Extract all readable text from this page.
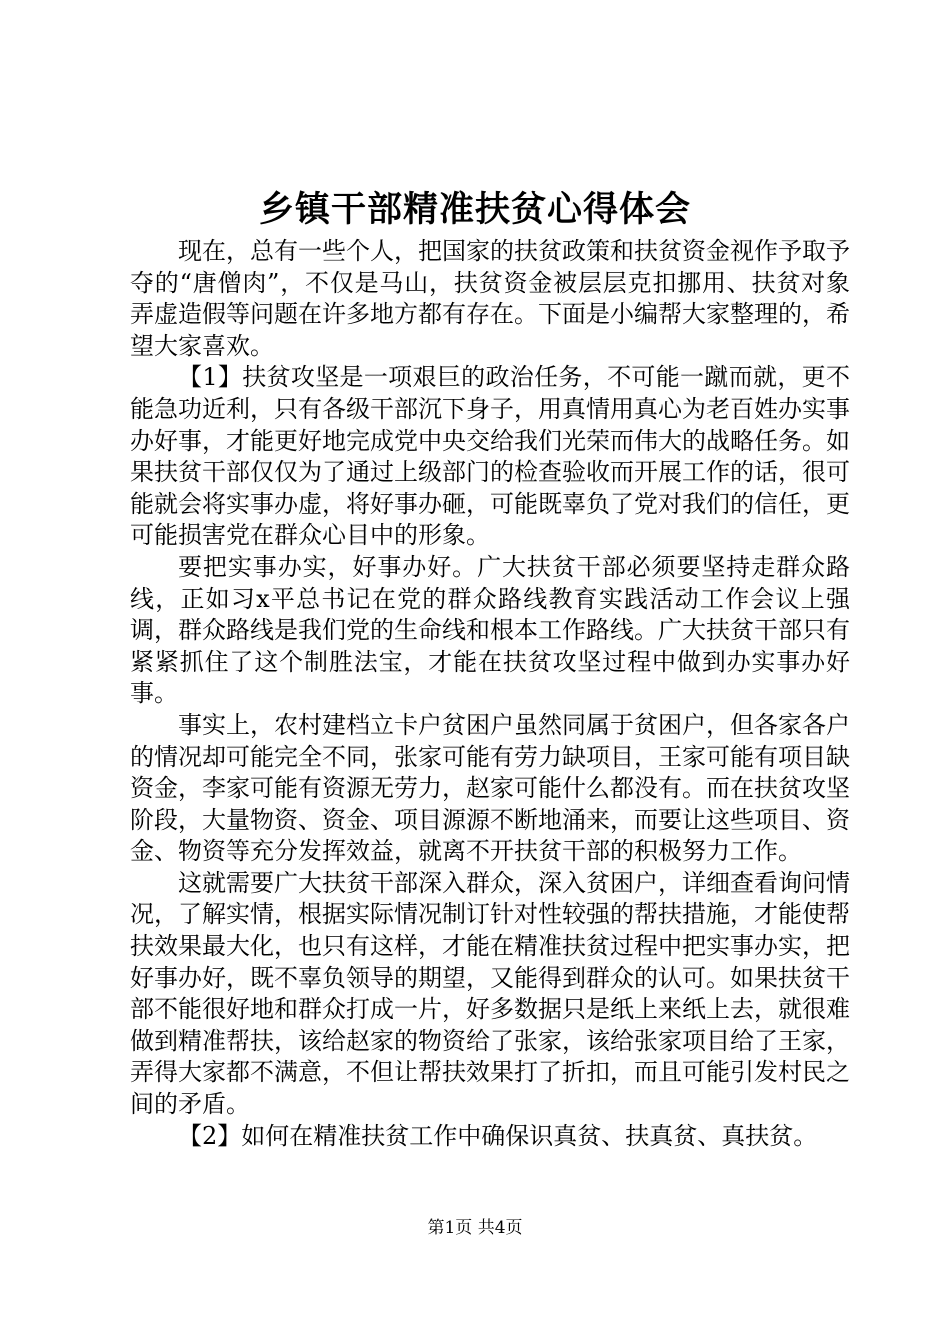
乡镇干部精准扶贫心得体会

现在，总有一些个人，把国家的扶贫政策和扶贫资金视作予取予夺的“唐僧肉”，不仅是马山，扶贫资金被层层克扣挪用、扶贫对象弄虚造假等问题在许多地方都有存在。下面是小编帮大家整理的，希望大家喜欢。

【1】扶贫攻坚是一项艰巨的政治任务，不可能一蹴而就，更不能急功近利，只有各级干部沉下身子，用真情用真心为老百姓办实事办好事，才能更好地完成党中央交给我们光荣而伟大的战略任务。如果扶贫干部仅仅为了通过上级部门的检查验收而开展工作的话，很可能就会将实事办虚，将好事办砸，可能既辜负了党对我们的信任，更可能损害党在群众心目中的形象。

要把实事办实，好事办好。广大扶贫干部必须要坚持走群众路线，正如习x平总书记在党的群众路线教育实践活动工作会议上强调，群众路线是我们党的生命线和根本工作路线。广大扶贫干部只有紧紧抓住了这个制胜法宝，才能在扶贫攻坚过程中做到办实事办好事。

事实上，农村建档立卡户贫困户虽然同属于贫困户，但各家各户的情况却可能完全不同，张家可能有劳力缺项目，王家可能有项目缺资金，李家可能有资源无劳力，赵家可能什么都没有。而在扶贫攻坚阶段，大量物资、资金、项目源源不断地涌来，而要让这些项目、资金、物资等充分发挥效益，就离不开扶贫干部的积极努力工作。

这就需要广大扶贫干部深入群众，深入贫困户，详细查看询问情况，了解实情，根据实际情况制订针对性较强的帮扶措施，才能使帮扶效果最大化，也只有这样，才能在精准扶贫过程中把实事办实，把好事办好，既不辜负领导的期望，又能得到群众的认可。如果扶贫干部不能很好地和群众打成一片，好多数据只是纸上来纸上去，就很难做到精准帮扶，该给赵家的物资给了张家，该给张家项目给了王家，弄得大家都不满意，不但让帮扶效果打了折扣，而且可能引发村民之间的矛盾。

【2】如何在精准扶贫工作中确保识真贫、扶真贫、真扶贫。

第1页 共4页
